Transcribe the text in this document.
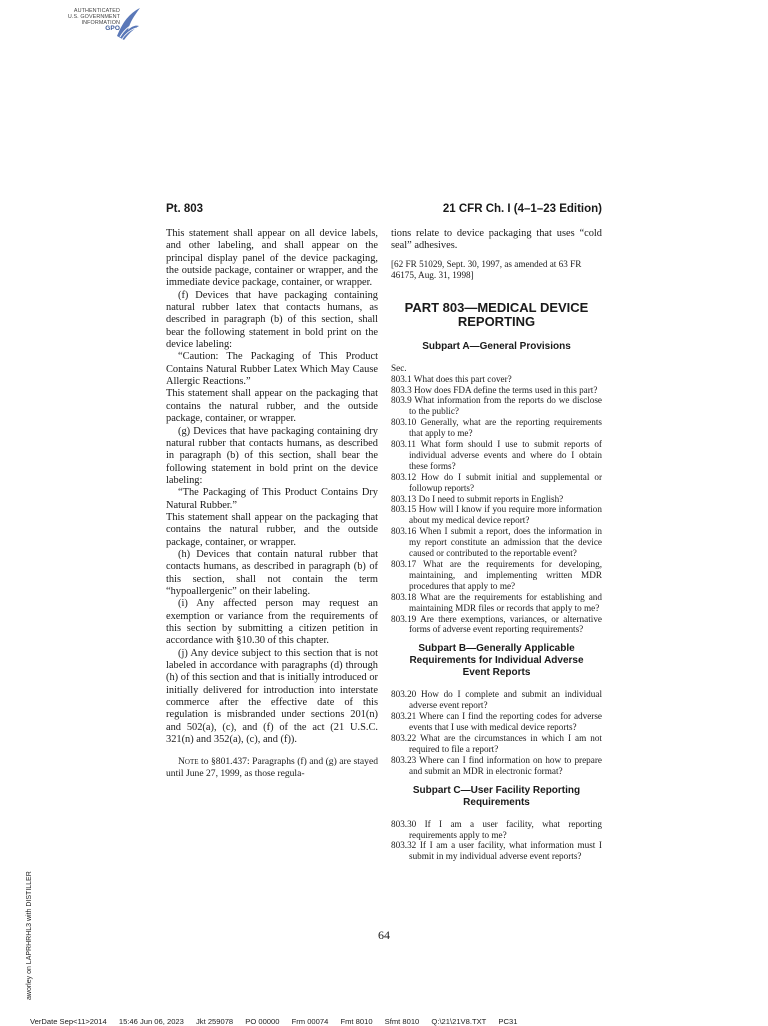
AUTHENTICATED
U.S. GOVERNMENT
INFORMATION
GPO
Pt. 803	21 CFR Ch. I (4–1–23 Edition)

This statement shall appear on all device labels, and other labeling, and shall appear on the principal display panel of the device packaging, the outside package, container or wrapper, and the immediate device package, container, or wrapper.

(f) Devices that have packaging containing natural rubber latex that contacts humans, as described in paragraph (b) of this section, shall bear the following statement in bold print on the device labeling:

“Caution: The Packaging of This Product Contains Natural Rubber Latex Which May Cause Allergic Reactions.”

This statement shall appear on the packaging that contains the natural rubber, and the outside package, container, or wrapper.

(g) Devices that have packaging containing dry natural rubber that contacts humans, as described in paragraph (b) of this section, shall bear the following statement in bold print on the device labeling:

“The Packaging of This Product Contains Dry Natural Rubber.”

This statement shall appear on the packaging that contains the natural rubber, and the outside package, container, or wrapper.

(h) Devices that contain natural rubber that contacts humans, as described in paragraph (b) of this section, shall not contain the term “hypoallergenic” on their labeling.

(i) Any affected person may request an exemption or variance from the requirements of this section by submitting a citizen petition in accordance with §10.30 of this chapter.

(j) Any device subject to this section that is not labeled in accordance with paragraphs (d) through (h) of this section and that is initially introduced or initially delivered for introduction into interstate commerce after the effective date of this regulation is misbranded under sections 201(n) and 502(a), (c), and (f) of the act (21 U.S.C. 321(n) and 352(a), (c), and (f)).

Note to §801.437: Paragraphs (f) and (g) are stayed until June 27, 1999, as those regula-

tions relate to device packaging that uses “cold seal” adhesives.

[62 FR 51029, Sept. 30, 1997, as amended at 63 FR 46175, Aug. 31, 1998]

PART 803—MEDICAL DEVICE REPORTING
Subpart A—General Provisions
Sec.
803.1 What does this part cover?
803.3 How does FDA define the terms used in this part?
803.9 What information from the reports do we disclose to the public?
803.10 Generally, what are the reporting requirements that apply to me?
803.11 What form should I use to submit reports of individual adverse events and where do I obtain these forms?
803.12 How do I submit initial and supplemental or followup reports?
803.13 Do I need to submit reports in English?
803.15 How will I know if you require more information about my medical device report?
803.16 When I submit a report, does the information in my report constitute an admission that the device caused or contributed to the reportable event?
803.17 What are the requirements for developing, maintaining, and implementing written MDR procedures that apply to me?
803.18 What are the requirements for establishing and maintaining MDR files or records that apply to me?
803.19 Are there exemptions, variances, or alternative forms of adverse event reporting requirements?
Subpart B—Generally Applicable Requirements for Individual Adverse Event Reports
803.20 How do I complete and submit an individual adverse event report?
803.21 Where can I find the reporting codes for adverse events that I use with medical device reports?
803.22 What are the circumstances in which I am not required to file a report?
803.23 Where can I find information on how to prepare and submit an MDR in electronic format?
Subpart C—User Facility Reporting Requirements
803.30 If I am a user facility, what reporting requirements apply to me?
803.32 If I am a user facility, what information must I submit in my individual adverse event reports?
64
aworley on LAPRHRHL3 with DISTILLER
VerDate Sep<11>2014 15:46 Jun 06, 2023 Jkt 259078 PO 00000 Frm 00074 Fmt 8010 Sfmt 8010 Q:\21\21V8.TXT PC31
